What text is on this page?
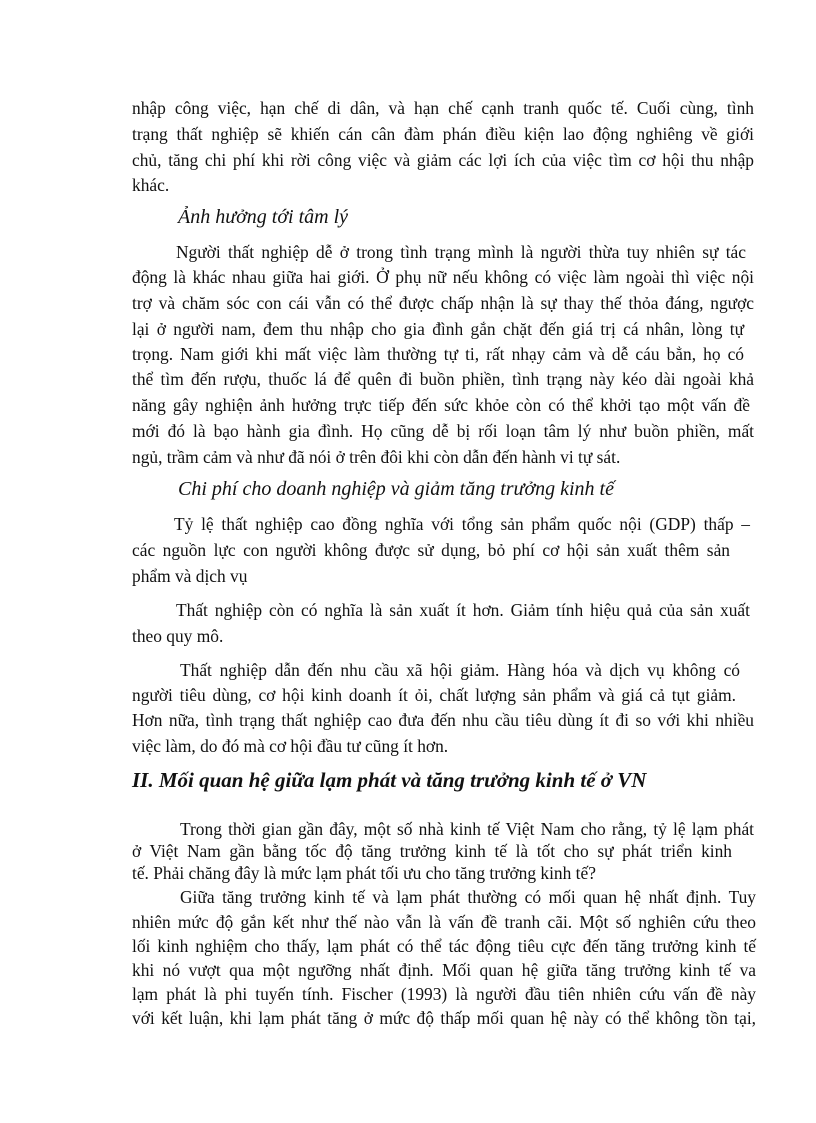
nhập công việc, hạn chế di dân, và hạn chế cạnh tranh quốc tế. Cuối cùng, tình
trạng thất nghiệp sẽ khiến cán cân đàm phán điều kiện lao động nghiêng về giới
chủ, tăng chi phí khi rời công việc và giảm các lợi ích của việc tìm cơ hội thu nhập
khác.
Ảnh hưởng tới tâm lý
Người thất nghiệp dễ ở trong tình trạng mình là người thừa tuy nhiên sự tác
động là khác nhau giữa hai giới. Ở phụ nữ nếu không có việc làm ngoài thì việc nội
trợ và chăm sóc con cái vẫn có thể được chấp nhận là sự thay thế thỏa đáng, ngược
lại ở người nam, đem thu nhập cho gia đình gắn chặt đến giá trị cá nhân, lòng tự
trọng. Nam giới khi mất việc làm thường tự ti, rất nhạy cảm và dễ cáu bẳn, họ có
thể tìm đến rượu, thuốc lá để quên đi buồn phiền, tình trạng này kéo dài ngoài khả
năng gây nghiện ảnh hưởng trực tiếp đến sức khỏe còn có thể khởi tạo một vấn đề
mới đó là bạo hành gia đình. Họ cũng dễ bị rối loạn tâm lý như buồn phiền, mất
ngủ, trầm cảm và như đã nói ở trên đôi khi còn dẫn đến hành vi tự sát.
Chi phí cho doanh nghiệp và giảm tăng trưởng kinh tế
Tỷ lệ thất nghiệp cao đồng nghĩa với tổng sản phẩm quốc nội (GDP) thấp –
các nguồn lực con người không được sử dụng, bỏ phí cơ hội sản xuất thêm sản
phẩm và dịch vụ
Thất nghiệp còn có nghĩa là sản xuất ít hơn. Giảm tính hiệu quả của sản xuất
theo quy mô.
Thất nghiệp dẫn đến nhu cầu xã hội giảm. Hàng hóa và dịch vụ không có
người tiêu dùng, cơ hội kinh doanh ít ỏi, chất lượng sản phẩm và giá cả tụt giảm.
Hơn nữa, tình trạng thất nghiệp cao đưa đến nhu cầu tiêu dùng ít đi so với khi nhiều
việc làm, do đó mà cơ hội đầu tư cũng ít hơn.
II. Mối quan hệ giữa lạm phát và tăng trưởng kinh tế ở VN
Trong thời gian gần đây, một số nhà kinh tế Việt Nam cho rằng, tỷ lệ lạm phát
ở Việt Nam gần bằng tốc độ tăng trưởng kinh tế là tốt cho sự phát triển kinh
tế. Phải chăng đây là mức lạm phát tối ưu cho tăng trưởng kinh tế?
Giữa tăng trưởng kinh tế và lạm phát thường có mối quan hệ nhất định. Tuy
nhiên mức độ gắn kết như thế nào vẫn là vấn đề tranh cãi. Một số nghiên cứu theo
lối kinh nghiệm cho thấy, lạm phát có thể tác động tiêu cực đến tăng trưởng kinh tế
khi nó vượt qua một ngưỡng nhất định. Mối quan hệ giữa tăng trưởng kinh tế va
lạm phát là phi tuyến tính. Fischer (1993) là người đầu tiên nhiên cứu vấn đề này
với kết luận, khi lạm phát tăng ở mức độ thấp mối quan hệ này có thể không tồn tại,
